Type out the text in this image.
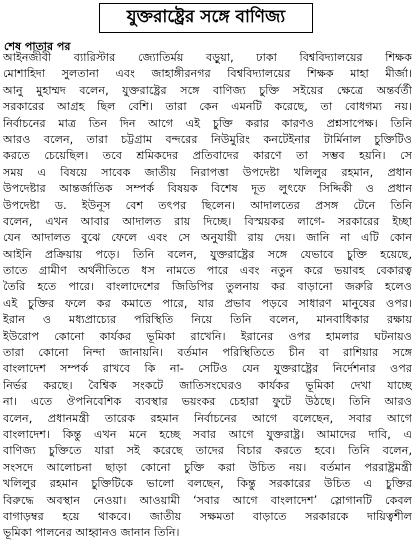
যুক্তরাষ্ট্রের সঙ্গে বাণিজ্য
শেষ পাতার পর
আইনজীবী ব্যারিস্টার জ্যোতির্ময় বড়ুয়া, ঢাকা বিশ্ববিদ্যালয়ের শিক্ষক
মোশাহিদা সুলতানা এবং জাহাঙ্গীরনগর বিশ্ববিদ্যালয়ের শিক্ষক মাহা মীর্জা।
আনু মুহাম্মদ বলেন, যুক্তরাষ্ট্রের সঙ্গে বাণিজ্য চুক্তি সইয়ের ক্ষেত্রে অন্তর্বর্তী
সরকারের আগ্রহ ছিল বেশি। তারা কেন এমনটি করেছে, তা বোধগম্য নয়।
নির্বাচনের মাত্র তিন দিন আগে এই চুক্তি করার কারণও প্রশ্নসাপেক্ষ। তিনি
আরও বলেন, তারা চট্টগ্রাম বন্দরের নিউমুরিং কনটেইনার টার্মিনাল চুক্তিটিও
করতে চেয়েছিল। তবে শ্রমিকদের প্রতিবাদের কারণে তা সম্ভব হয়নি। সে
সময় এ বিষয়ে সাবেক জাতীয় নিরাপত্তা উপদেষ্টা খলিলুর রহমান, প্রধান
উপদেষ্টার আন্তর্জাতিক সম্পর্ক বিষয়ক বিশেষ দূত লুৎফে সিদ্দিকী ও প্রধান
উপদেষ্টা ড. ইউনূস বেশ তৎপর ছিলেন। আদালতের প্রসঙ্গ টেনে তিনি
বলেন, এখন আবার আদালত রায় দিচ্ছে। বিস্ময়কর লাগে- সরকারের ইচ্ছা
যেন আদালত বুঝে ফেলে এবং সে অনুযায়ী রায় দেয়। জানি না এটি কোন
আইনি প্রক্রিয়ায় পড়ে। তিনি বলেন, যুক্তরাষ্ট্রের সঙ্গে যেভাবে চুক্তি হয়েছে,
তাতে গ্রামীণ অর্থনীতিতে ধস নামতে পারে এবং নতুন করে ভয়াবহ বেকারত্ব
তৈরি হতে পারে। বাংলাদেশের জিডিপির তুলনায় কর বাড়ানো জরুরি হলেও
এই চুক্তির ফলে কর কমাতে পারে, যার প্রভাব পড়বে সাধারণ মানুষের ওপর।
ইরান ও মধ্যপ্রাচ্যের পরিস্থিতি নিয়ে তিনি বলেন, মানবাধিকার রক্ষায়
ইউরোপ কোনো কার্যকর ভূমিকা রাখেনি। ইরানের ওপর হামলার ঘটনায়ও
তারা কোনো নিন্দা জানায়নি। বর্তমান পরিস্থিতিতে চীন বা রাশিয়ার সঙ্গে
বাংলাদেশ সম্পর্ক রাখবে কি না- সেটিও যেন যুক্তরাষ্ট্রের নির্দেশনার ওপর
নির্ভর করছে। বৈশ্বিক সংকটে জাতিসংঘেরও কার্যকর ভূমিকা দেখা যাচ্ছে
না। এতে ঔপনিবেশিক ব্যবস্থার ভয়ংকর চেহারা ফুটে উঠছে। তিনি আরও
বলেন, প্রধানমন্ত্রী তারেক রহমান নির্বাচনের আগে বলেছেন, সবার আগে
বাংলাদেশ। কিন্তু এখন মনে হচ্ছে সবার আগে যুক্তরাষ্ট্র। আমাদের দাবি, এ
বাণিজ্য চুক্তিতে যারা সই করেছে তাদের বিচার করতে হবে। তিনি বলেন,
সংসদে আলোচনা ছাড়া কোনো চুক্তি করা উচিত নয়। বর্তমান পররাষ্ট্রমন্ত্রী
খলিলুর রহমান চুক্তিটিকে ভালো বলছেন, কিন্তু সরকারের উচিত এ চুক্তির
বিরুদ্ধে অবস্থান নেওয়া। আওয়ামী ‘সবার আগে বাংলাদেশ’ স্লোগানটি কেবল
বাগাড়ম্বর হয়ে থাকবে। জাতীয় সক্ষমতা বাড়াতে সরকারকে দায়িত্বশীল
ভূমিকা পালনের আহ্বানও জানান তিনি।
